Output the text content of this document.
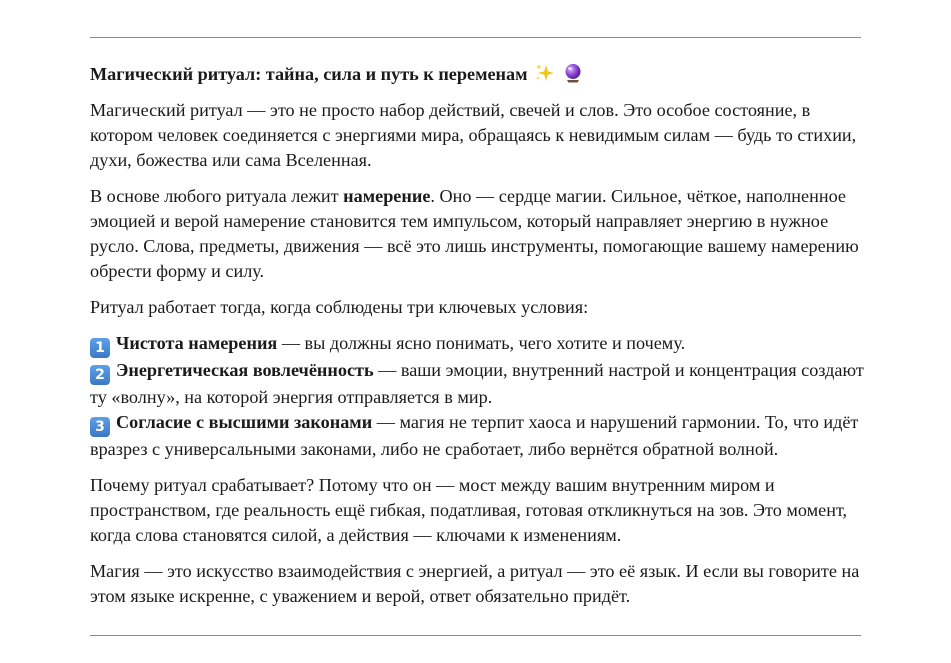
Магический ритуал: тайна, сила и путь к переменам

Магический ритуал — это не просто набор действий, свечей и слов. Это особое состояние, в котором человек соединяется с энергиями мира, обращаясь к невидимым силам — будь то стихии, духи, божества или сама Вселенная.

В основе любого ритуала лежит намерение. Оно — сердце магии. Сильное, чёткое, наполненное эмоцией и верой намерение становится тем импульсом, который направляет энергию в нужное русло. Слова, предметы, движения — всё это лишь инструменты, помогающие вашему намерению обрести форму и силу.

Ритуал работает тогда, когда соблюдены три ключевых условия:

1 Чистота намерения — вы должны ясно понимать, чего хотите и почему.

2 Энергетическая вовлечённость — ваши эмоции, внутренний настрой и концентрация создают ту «волну», на которой энергия отправляется в мир.

3 Согласие с высшими законами — магия не терпит хаоса и нарушений гармонии. То, что идёт вразрез с универсальными законами, либо не сработает, либо вернётся обратной волной.

Почему ритуал срабатывает? Потому что он — мост между вашим внутренним миром и пространством, где реальность ещё гибкая, податливая, готовая откликнуться на зов. Это момент, когда слова становятся силой, а действия — ключами к изменениям.

Магия — это искусство взаимодействия с энергией, а ритуал — это её язык. И если вы говорите на этом языке искренне, с уважением и верой, ответ обязательно придёт.
